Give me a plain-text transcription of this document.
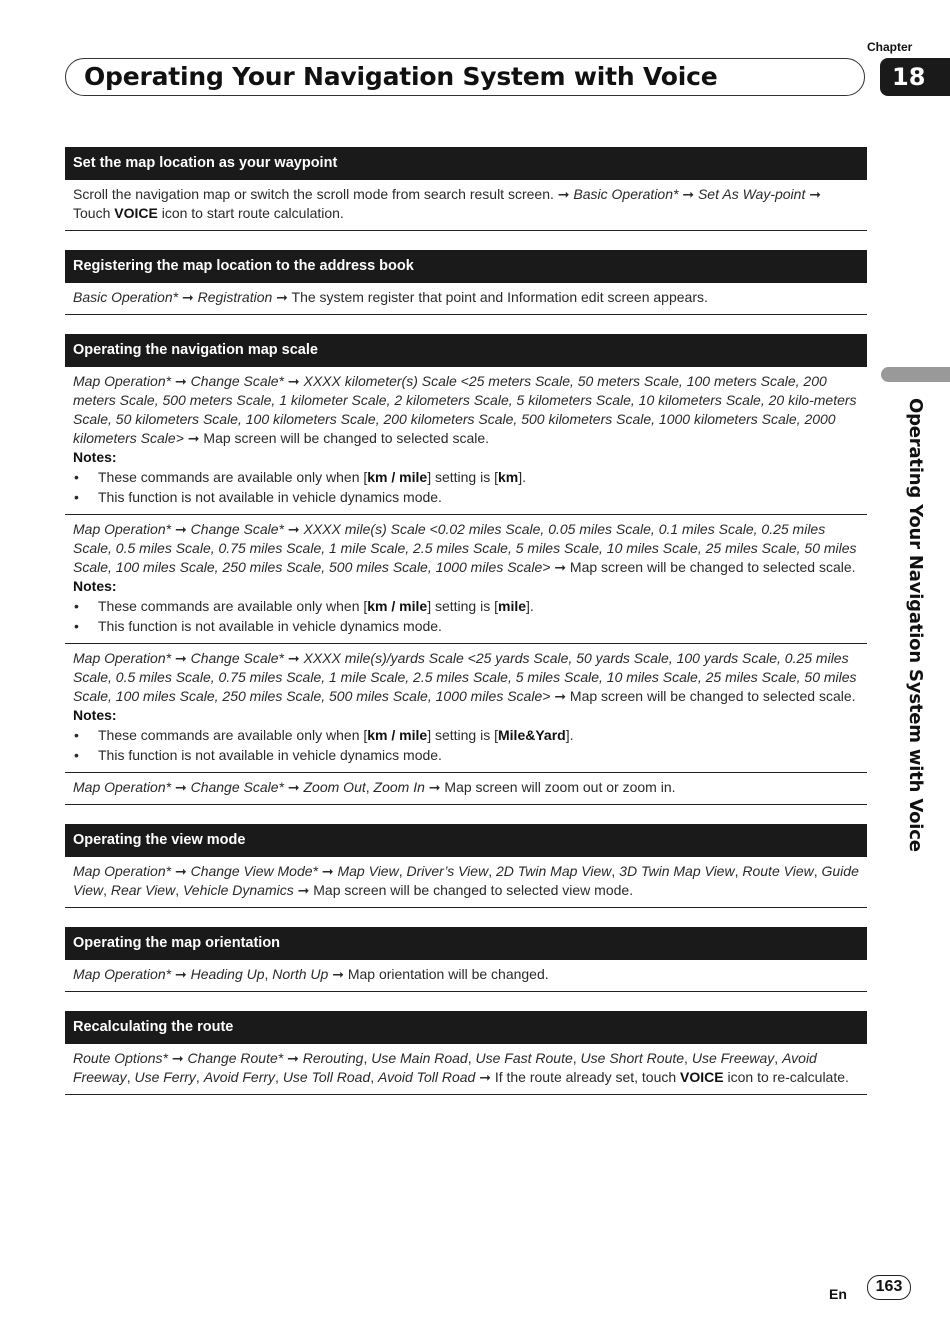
Chapter
Operating Your Navigation System with Voice	18
Operating Your Navigation System with Voice
Set the map location as your waypoint

Scroll the navigation map or switch the scroll mode from search result screen. ➞ Basic Operation* ➞ Set As Way-point ➞ Touch VOICE icon to start route calculation.

Registering the map location to the address book

Basic Operation* ➞ Registration ➞ The system register that point and Information edit screen appears.

Operating the navigation map scale

Map Operation* ➞ Change Scale* ➞ XXXX kilometer(s) Scale <25 meters Scale, 50 meters Scale, 100 meters Scale, 200 meters Scale, 500 meters Scale, 1 kilometer Scale, 2 kilometers Scale, 5 kilometers Scale, 10 kilometers Scale, 20 kilo-meters Scale, 50 kilometers Scale, 100 kilometers Scale, 200 kilometers Scale, 500 kilometers Scale, 1000 kilometers Scale, 2000 kilometers Scale> ➞ Map screen will be changed to selected scale.

Notes:
• These commands are available only when [km / mile] setting is [km].
• This function is not available in vehicle dynamics mode.

Map Operation* ➞ Change Scale* ➞ XXXX mile(s) Scale <0.02 miles Scale, 0.05 miles Scale, 0.1 miles Scale, 0.25 miles Scale, 0.5 miles Scale, 0.75 miles Scale, 1 mile Scale, 2.5 miles Scale, 5 miles Scale, 10 miles Scale, 25 miles Scale, 50 miles Scale, 100 miles Scale, 250 miles Scale, 500 miles Scale, 1000 miles Scale> ➞ Map screen will be changed to selected scale.

Notes:
• These commands are available only when [km / mile] setting is [mile].
• This function is not available in vehicle dynamics mode.

Map Operation* ➞ Change Scale* ➞ XXXX mile(s)/yards Scale <25 yards Scale, 50 yards Scale, 100 yards Scale, 0.25 miles Scale, 0.5 miles Scale, 0.75 miles Scale, 1 mile Scale, 2.5 miles Scale, 5 miles Scale, 10 miles Scale, 25 miles Scale, 50 miles Scale, 100 miles Scale, 250 miles Scale, 500 miles Scale, 1000 miles Scale> ➞ Map screen will be changed to selected scale.

Notes:
• These commands are available only when [km / mile] setting is [Mile&Yard].
• This function is not available in vehicle dynamics mode.

Map Operation* ➞ Change Scale* ➞ Zoom Out, Zoom In ➞ Map screen will zoom out or zoom in.

Operating the view mode

Map Operation* ➞ Change View Mode* ➞ Map View, Driver’s View, 2D Twin Map View, 3D Twin Map View, Route View, Guide View, Rear View, Vehicle Dynamics ➞ Map screen will be changed to selected view mode.

Operating the map orientation

Map Operation* ➞ Heading Up, North Up ➞ Map orientation will be changed.

Recalculating the route

Route Options* ➞ Change Route* ➞ Rerouting, Use Main Road, Use Fast Route, Use Short Route, Use Freeway, Avoid Freeway, Use Ferry, Avoid Ferry, Use Toll Road, Avoid Toll Road ➞ If the route already set, touch VOICE icon to re-calculate.

En	163
